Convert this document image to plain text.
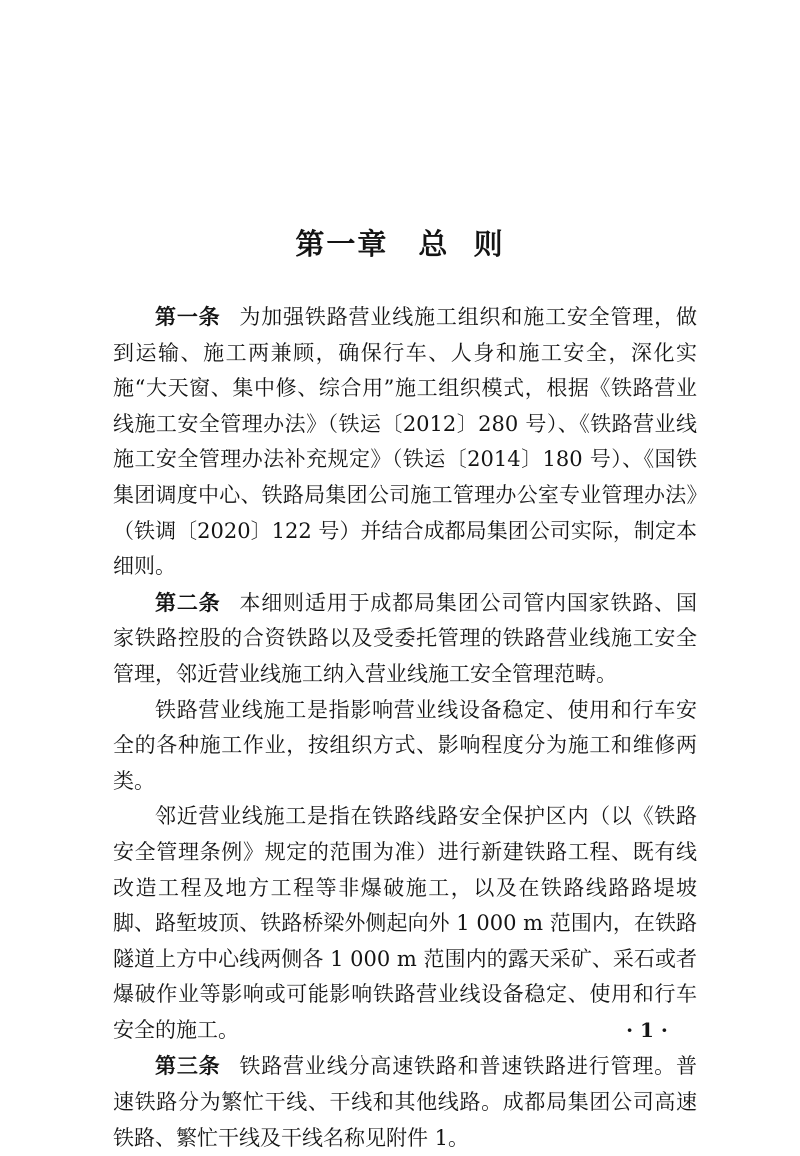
第一章 总  则

第一条 为加强铁路营业线施工组织和施工安全管理，做到运输、施工两兼顾，确保行车、人身和施工安全，深化实施“大天窗、集中修、综合用”施工组织模式，根据《铁路营业线施工安全管理办法》（铁运〔2012〕280 号）、《铁路营业线施工安全管理办法补充规定》（铁运〔2014〕180 号）、《国铁集团调度中心、铁路局集团公司施工管理办公室专业管理办法》（铁调〔2020〕122 号）并结合成都局集团公司实际，制定本细则。

第二条 本细则适用于成都局集团公司管内国家铁路、国家铁路控股的合资铁路以及受委托管理的铁路营业线施工安全管理，邻近营业线施工纳入营业线施工安全管理范畴。

铁路营业线施工是指影响营业线设备稳定、使用和行车安全的各种施工作业，按组织方式、影响程度分为施工和维修两类。

邻近营业线施工是指在铁路线路安全保护区内（以《铁路安全管理条例》规定的范围为准）进行新建铁路工程、既有线改造工程及地方工程等非爆破施工，以及在铁路线路路堤坡脚、路堑坡顶、铁路桥梁外侧起向外 1 000 m 范围内，在铁路隧道上方中心线两侧各 1 000 m 范围内的露天采矿、采石或者爆破作业等影响或可能影响铁路营业线设备稳定、使用和行车安全的施工。

第三条 铁路营业线分高速铁路和普速铁路进行管理。普速铁路分为繁忙干线、干线和其他线路。成都局集团公司高速铁路、繁忙干线及干线名称见附件 1。

· 1 ·
